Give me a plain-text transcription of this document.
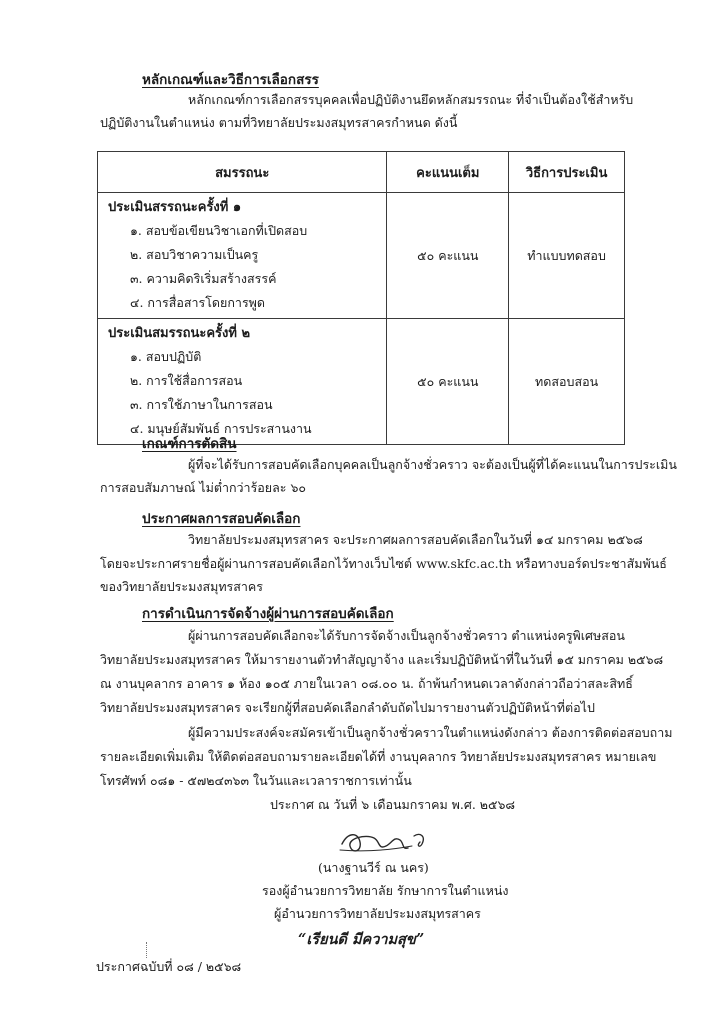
หลักเกณฑ์และวิธีการเลือกสรร
หลักเกณฑ์การเลือกสรรบุคคลเพื่อปฏิบัติงานยึดหลักสมรรถนะ ที่จำเป็นต้องใช้สำหรับ
ปฏิบัติงานในตำแหน่ง ตามที่วิทยาลัยประมงสมุทรสาครกำหนด ดังนี้
สมรรถนะ	คะแนนเต็ม	วิธีการประเมิน

ประเมินสรรถนะครั้งที่ ๑
๑. สอบข้อเขียนวิชาเอกที่เปิดสอบ
๒. สอบวิชาความเป็นครู
๓. ความคิดริเริ่มสร้างสรรค์
๔. การสื่อสารโดยการพูด	๕๐ คะแนน	ทำแบบทดสอบ

ประเมินสมรรถนะครั้งที่ ๒
๑. สอบปฏิบัติ
๒. การใช้สื่อการสอน
๓. การใช้ภาษาในการสอน
๔. มนุษย์สัมพันธ์ การประสานงาน	๕๐ คะแนน	ทดสอบสอน
เกณฑ์การตัดสิน
ผู้ที่จะได้รับการสอบคัดเลือกบุคคลเป็นลูกจ้างชั่วคราว จะต้องเป็นผู้ที่ได้คะแนนในการประเมิน
การสอบสัมภาษณ์ ไม่ต่ำกว่าร้อยละ ๖๐
ประกาศผลการสอบคัดเลือก
วิทยาลัยประมงสมุทรสาคร จะประกาศผลการสอบคัดเลือกในวันที่ ๑๔ มกราคม ๒๕๖๘
โดยจะประกาศรายชื่อผู้ผ่านการสอบคัดเลือกไว้ทางเว็บไซต์ www.skfc.ac.th หรือทางบอร์ดประชาสัมพันธ์
ของวิทยาลัยประมงสมุทรสาคร
การดำเนินการจัดจ้างผู้ผ่านการสอบคัดเลือก
ผู้ผ่านการสอบคัดเลือกจะได้รับการจัดจ้างเป็นลูกจ้างชั่วคราว ตำแหน่งครูพิเศษสอน
วิทยาลัยประมงสมุทรสาคร ให้มารายงานตัวทำสัญญาจ้าง และเริ่มปฏิบัติหน้าที่ในวันที่ ๑๕ มกราคม ๒๕๖๘
ณ งานบุคลากร อาคาร ๑ ห้อง ๑๐๕ ภายในเวลา ๐๘.๐๐ น. ถ้าพ้นกำหนดเวลาดังกล่าวถือว่าสละสิทธิ์
วิทยาลัยประมงสมุทรสาคร จะเรียกผู้ที่สอบคัดเลือกลำดับถัดไปมารายงานตัวปฏิบัติหน้าที่ต่อไป
ผู้มีความประสงค์จะสมัครเข้าเป็นลูกจ้างชั่วคราวในตำแหน่งดังกล่าว ต้องการติดต่อสอบถาม
รายละเอียดเพิ่มเติม ให้ติดต่อสอบถามรายละเอียดได้ที่ งานบุคลากร วิทยาลัยประมงสมุทรสาคร หมายเลข
โทรศัพท์ ๐๘๑ - ๕๗๒๔๓๖๓ ในวันและเวลาราชการเท่านั้น
ประกาศ ณ วันที่ ๖ เดือนมกราคม พ.ศ. ๒๕๖๘
(นางฐานวีร์ ณ นคร)
รองผู้อำนวยการวิทยาลัย รักษาการในตำแหน่ง
ผู้อำนวยการวิทยาลัยประมงสมุทรสาคร
“เรียนดี มีความสุข”
ประกาศฉบับที่ ๐๘ / ๒๕๖๘
